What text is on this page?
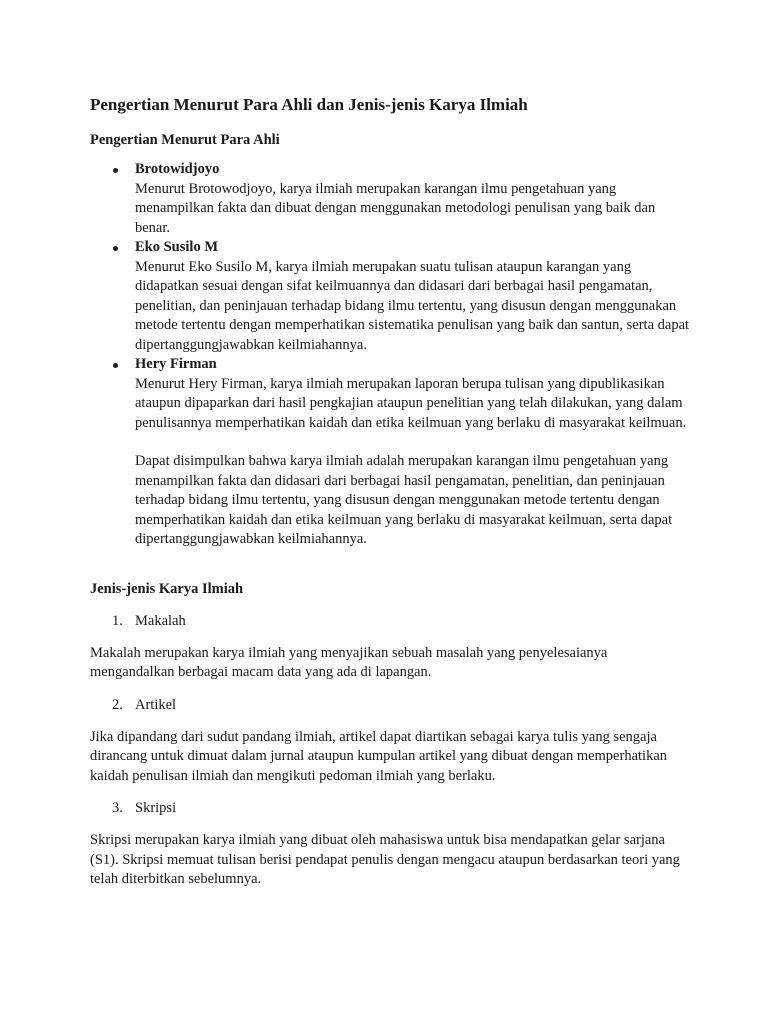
Pengertian Menurut Para Ahli dan Jenis-jenis Karya Ilmiah
Pengertian Menurut Para Ahli
Brotowidjoyo
Menurut Brotowodjoyo, karya ilmiah merupakan karangan ilmu pengetahuan yang menampilkan fakta dan dibuat dengan menggunakan metodologi penulisan yang baik dan benar.
Eko Susilo M
Menurut Eko Susilo M, karya ilmiah merupakan suatu tulisan ataupun karangan yang didapatkan sesuai dengan sifat keilmuannya dan didasari dari berbagai hasil pengamatan, penelitian, dan peninjauan terhadap bidang ilmu tertentu, yang disusun dengan menggunakan metode tertentu dengan memperhatikan sistematika penulisan yang baik dan santun, serta dapat dipertanggungjawabkan keilmiahannya.
Hery Firman
Menurut Hery Firman, karya ilmiah merupakan laporan berupa tulisan yang dipublikasikan ataupun dipaparkan dari hasil pengkajian ataupun penelitian yang telah dilakukan, yang dalam penulisannya memperhatikan kaidah dan etika keilmuan yang berlaku di masyarakat keilmuan.

Dapat disimpulkan bahwa karya ilmiah adalah merupakan karangan ilmu pengetahuan yang menampilkan fakta dan didasari dari berbagai hasil pengamatan, penelitian, dan peninjauan terhadap bidang ilmu tertentu, yang disusun dengan menggunakan metode tertentu dengan memperhatikan kaidah dan etika keilmuan yang berlaku di masyarakat keilmuan, serta dapat dipertanggungjawabkan keilmiahannya.

Jenis-jenis Karya Ilmiah
1. Makalah

Makalah merupakan karya ilmiah yang menyajikan sebuah masalah yang penyelesaianya mengandalkan berbagai macam data yang ada di lapangan.

2. Artikel

Jika dipandang dari sudut pandang ilmiah, artikel dapat diartikan sebagai karya tulis yang sengaja dirancang untuk dimuat dalam jurnal ataupun kumpulan artikel yang dibuat dengan memperhatikan kaidah penulisan ilmiah dan mengikuti pedoman ilmiah yang berlaku.

3. Skripsi

Skripsi merupakan karya ilmiah yang dibuat oleh mahasiswa untuk bisa mendapatkan gelar sarjana (S1). Skripsi memuat tulisan berisi pendapat penulis dengan mengacu ataupun berdasarkan teori yang telah diterbitkan sebelumnya.
